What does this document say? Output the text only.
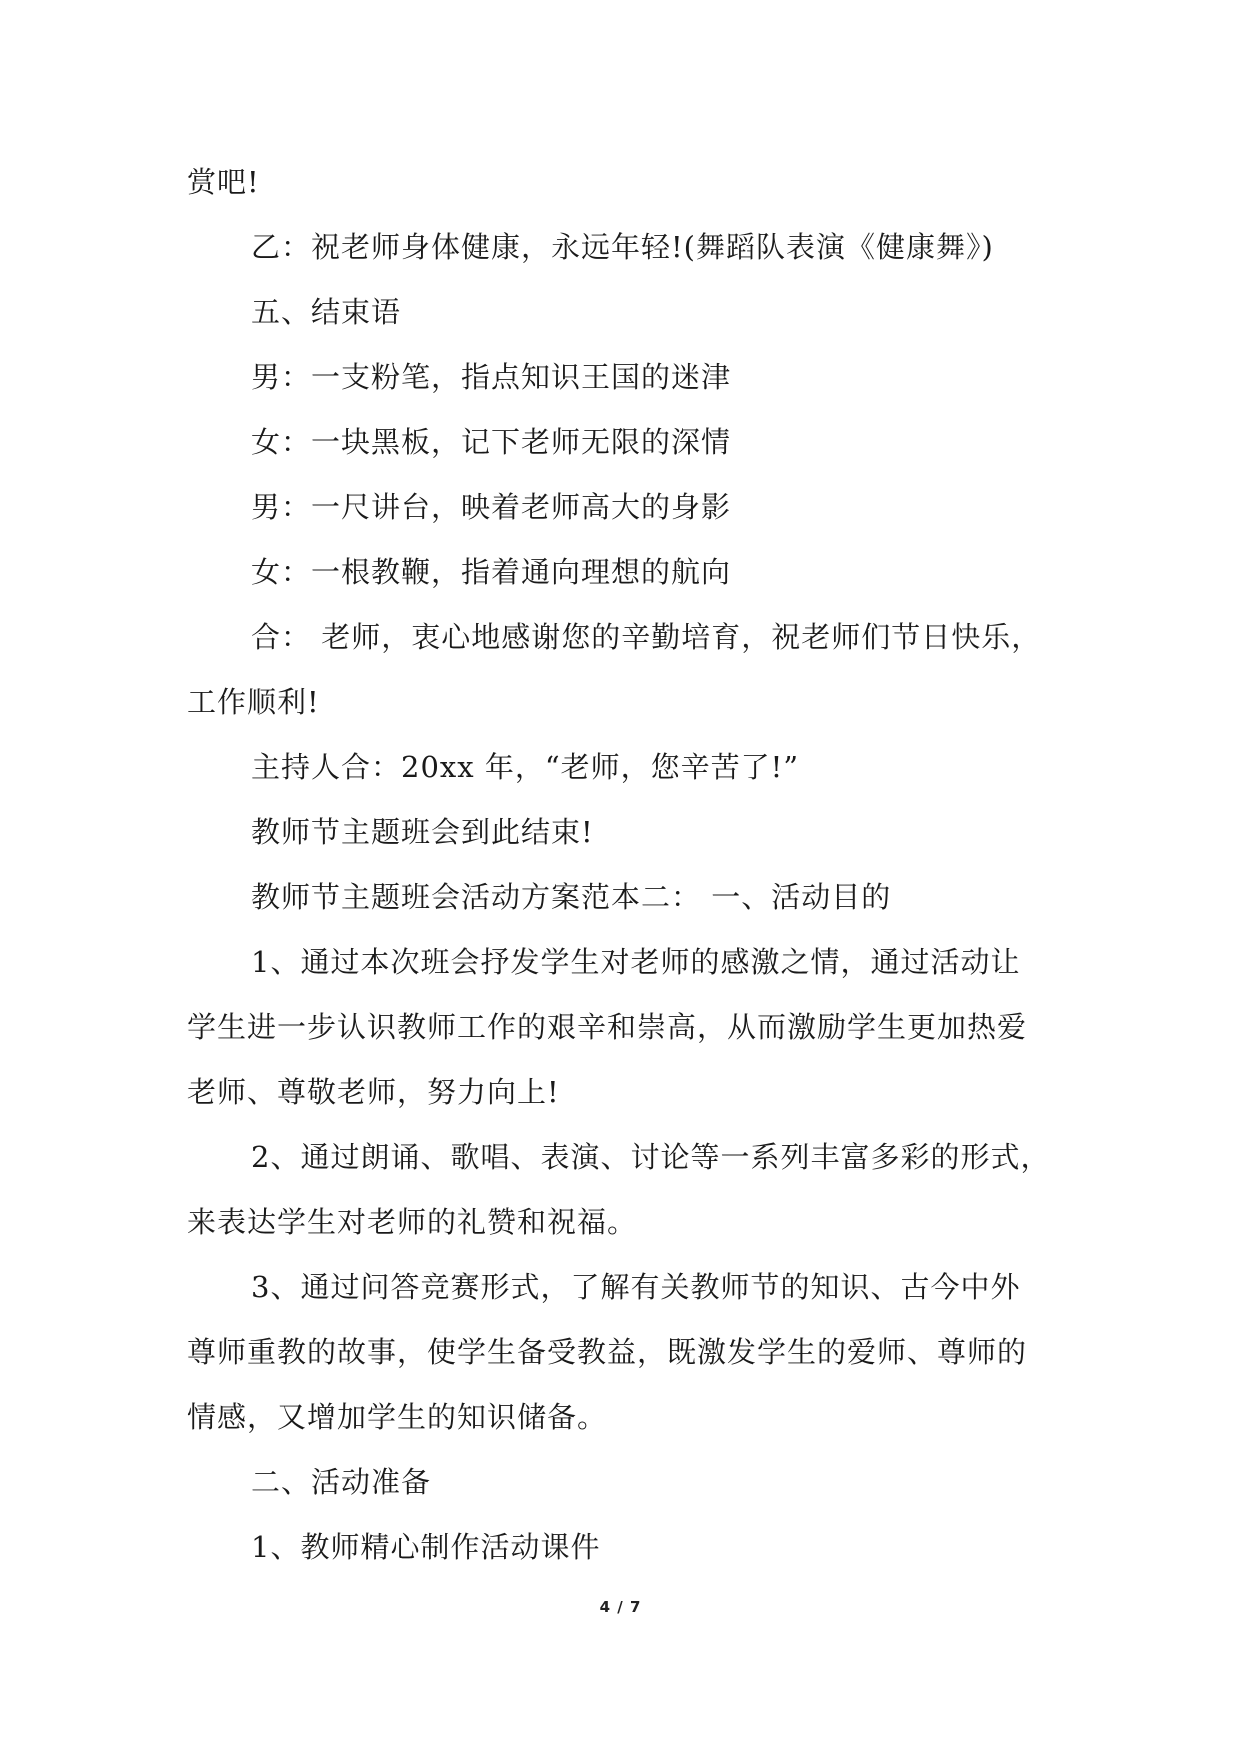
赏吧!

乙：祝老师身体健康，永远年轻!(舞蹈队表演《健康舞》)

五、结束语

男：一支粉笔，指点知识王国的迷津

女：一块黑板，记下老师无限的深情

男：一尺讲台，映着老师高大的身影

女：一根教鞭，指着通向理想的航向

合： 老师，衷心地感谢您的辛勤培育，祝老师们节日快乐，

工作顺利!

主持人合：20xx 年，“老师，您辛苦了!”

教师节主题班会到此结束!

教师节主题班会活动方案范本二： 一、活动目的

1、通过本次班会抒发学生对老师的感激之情，通过活动让

学生进一步认识教师工作的艰辛和崇高，从而激励学生更加热爱

老师、尊敬老师，努力向上!

2、通过朗诵、歌唱、表演、讨论等一系列丰富多彩的形式，

来表达学生对老师的礼赞和祝福。

3、通过问答竞赛形式，了解有关教师节的知识、古今中外

尊师重教的故事，使学生备受教益，既激发学生的爱师、尊师的

情感，又增加学生的知识储备。

二、活动准备

1、教师精心制作活动课件

4 / 7
